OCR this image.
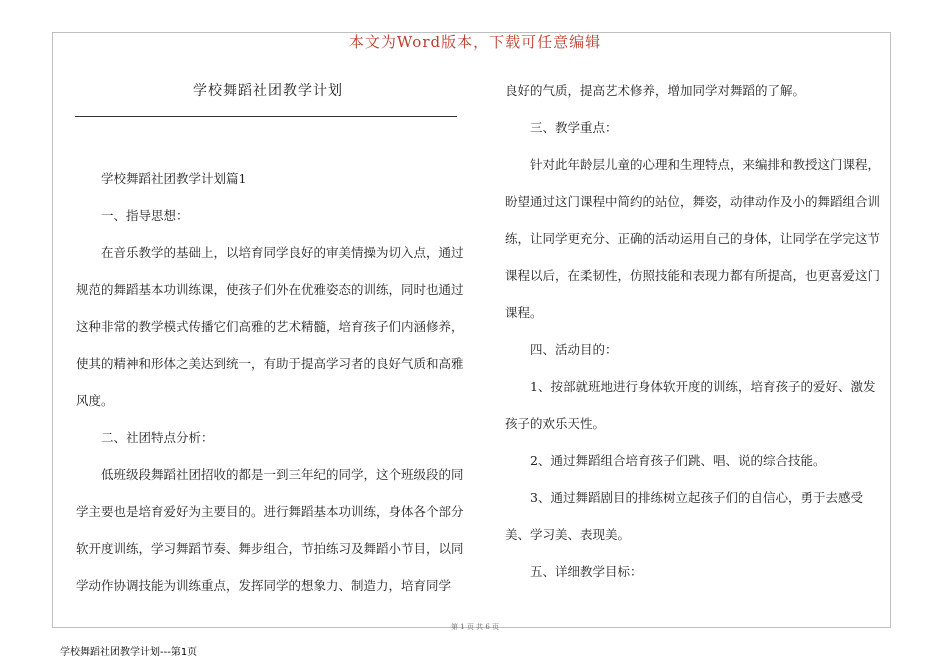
本文为Word版本，下载可任意编辑
学校舞蹈社团教学计划

学校舞蹈社团教学计划篇1

一、指导思想：

在音乐教学的基础上，以培育同学良好的审美情操为切入点，通过规范的舞蹈基本功训练课，使孩子们外在优雅姿态的训练，同时也通过这种非常的教学模式传播它们高雅的艺术精髓，培育孩子们内涵修养，使其的精神和形体之美达到统一，有助于提高学习者的良好气质和高雅风度。

二、社团特点分析：

低班级段舞蹈社团招收的都是一到三年纪的同学，这个班级段的同学主要也是培育爱好为主要目的。进行舞蹈基本功训练，身体各个部分软开度训练，学习舞蹈节奏、舞步组合，节拍练习及舞蹈小节目，以同学动作协调技能为训练重点，发挥同学的想象力、制造力，培育同学

良好的气质，提高艺术修养，增加同学对舞蹈的了解。

三、教学重点：

针对此年龄层儿童的心理和生理特点，来编排和教授这门课程，盼望通过这门课程中简约的站位，舞姿，动律动作及小的舞蹈组合训练，让同学更充分、正确的活动运用自己的身体，让同学在学完这节课程以后，在柔韧性，仿照技能和表现力都有所提高，也更喜爱这门课程。

四、活动目的：

1、按部就班地进行身体软开度的训练，培育孩子的爱好、激发孩子的欢乐天性。

2、通过舞蹈组合培育孩子们跳、唱、说的综合技能。

3、通过舞蹈剧目的排练树立起孩子们的自信心，勇于去感受美、学习美、表现美。

五、详细教学目标：

第 1 页 共 6 页
学校舞蹈社团教学计划---第1页
